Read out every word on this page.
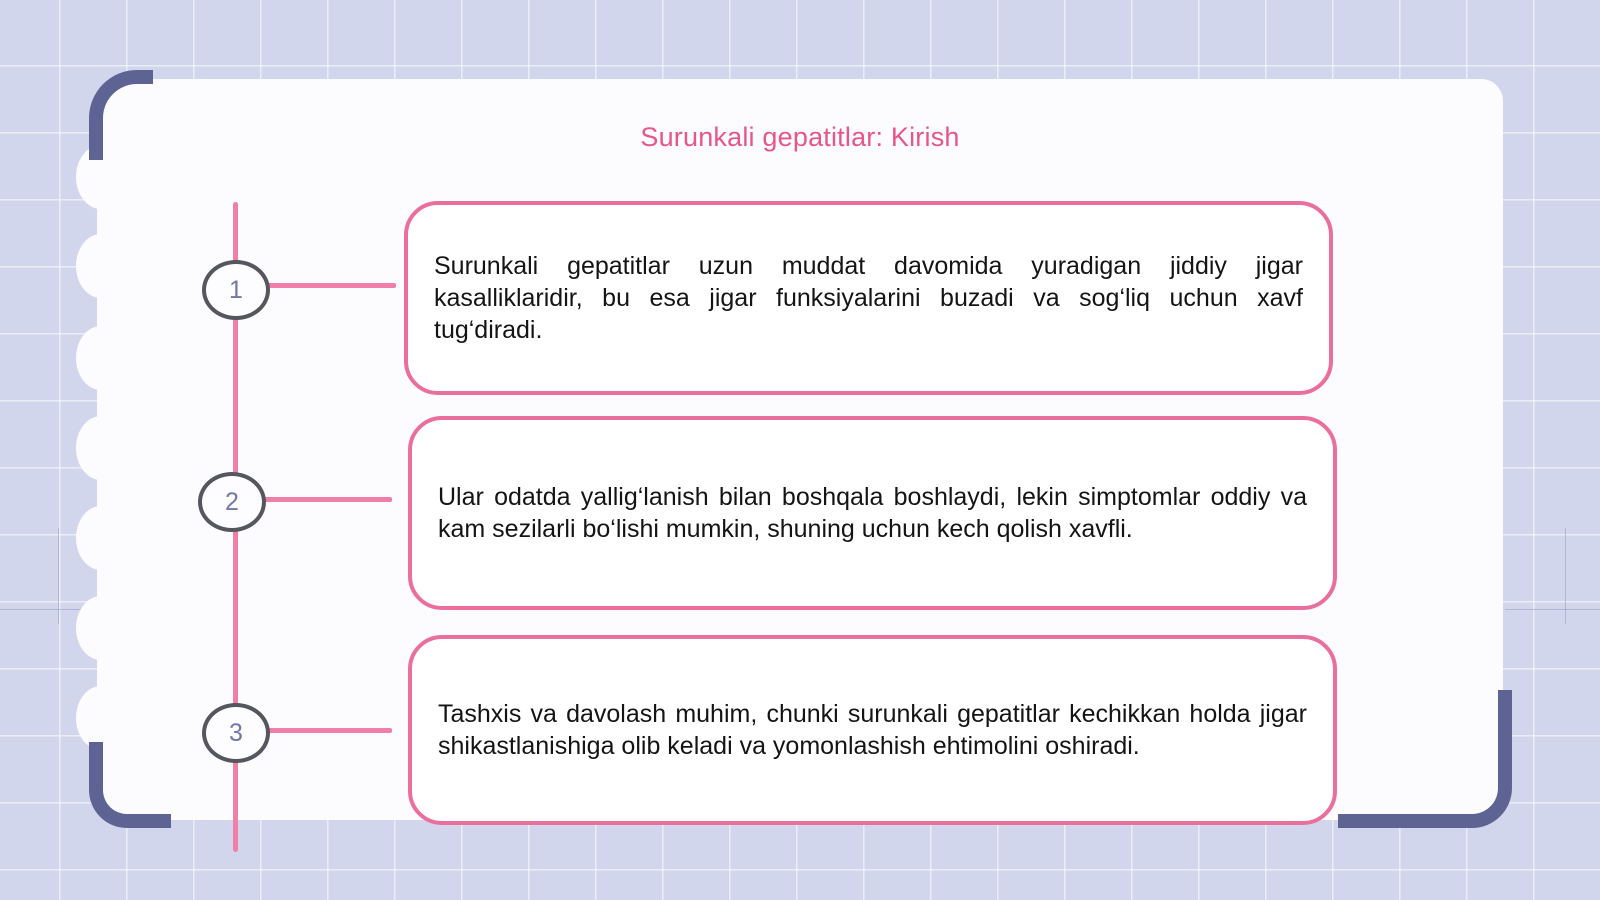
Surunkali gepatitlar: Kirish
1
2
3

Surunkali gepatitlar uzun muddat davomida yuradigan jiddiy jigar kasalliklaridir, bu esa jigar funksiyalarini buzadi va sog‘liq uchun xavf tug‘diradi.

Ular odatda yallig‘lanish bilan boshqala boshlaydi, lekin simptomlar oddiy va kam sezilarli bo‘lishi mumkin, shuning uchun kech qolish xavfli.

Tashxis va davolash muhim, chunki surunkali gepatitlar kechikkan holda jigar shikastlanishiga olib keladi va yomonlashish ehtimolini oshiradi.
